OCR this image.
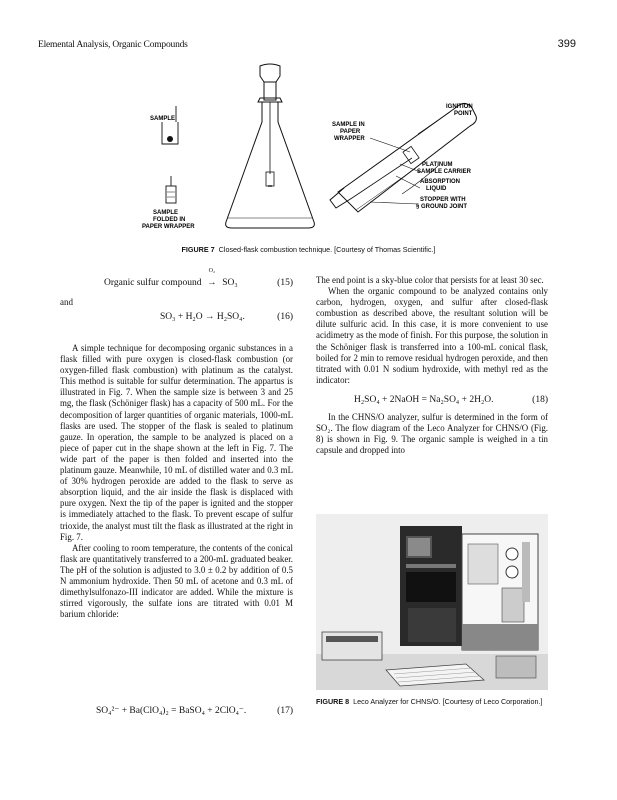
Elemental Analysis, Organic Compounds	399
SAMPLE
SAMPLE
FOLDED IN
PAPER WRAPPER
SAMPLE IN
PAPER
WRAPPER
IGNITION
POINT
PLATINUM
SAMPLE CARRIER
ABSORPTION
LIQUID
STOPPER WITH
§ GROUND JOINT
FIGURE 7 Closed-flask combustion technique. [Courtesy of Thomas Scientific.]
Organic sulfur compound
O₂
→ SO₃	(15)
and
SO₃ + H₂O → H₂SO₄.	(16)

A simple technique for decomposing organic substances in a flask filled with pure oxygen is closed-flask combustion (or oxygen-filled flask combustion) with platinum as the catalyst. This method is suitable for sulfur determination. The appartus is illustrated in Fig. 7. When the sample size is between 3 and 25 mg, the flask (Schöniger flask) has a capacity of 500 mL. For the decomposition of larger quantities of organic materials, 1000-mL flasks are used. The stopper of the flask is sealed to platinum gauze. In operation, the sample to be analyzed is placed on a piece of paper cut in the shape shown at the left in Fig. 7. The wide part of the paper is then folded and inserted into the platinum gauze. Meanwhile, 10 mL of distilled water and 0.3 mL of 30% hydrogen peroxide are added to the flask to serve as absorption liquid, and the air inside the flask is displaced with pure oxygen. Next the tip of the paper is ignited and the stopper is immediately attached to the flask. To prevent escape of sulfur trioxide, the analyst must tilt the flask as illustrated at the right in Fig. 7.

After cooling to room temperature, the contents of the conical flask are quantitatively transferred to a 200-mL graduated beaker. The pH of the solution is adjusted to 3.0 ± 0.2 by addition of 0.5 N ammonium hydroxide. Then 50 mL of acetone and 0.3 mL of dimethylsulfonazo-III indicator are added. While the mixture is stirred vigorously, the sulfate ions are titrated with 0.01 M barium chloride:

SO₄²⁻ + Ba(ClO₄)₂ = BaSO₄ + 2ClO₄⁻.	(17)

The end point is a sky-blue color that persists for at least 30 sec.

When the organic compound to be analyzed contains only carbon, hydrogen, oxygen, and sulfur after closed-flask combustion as described above, the resultant solution will be dilute sulfuric acid. In this case, it is more convenient to use acidimetry as the mode of finish. For this purpose, the solution in the Schöniger flask is transferred into a 100-mL conical flask, boiled for 2 min to remove residual hydrogen peroxide, and then titrated with 0.01 N sodium hydroxide, with methyl red as the indicator:

H₂SO₄ + 2NaOH = Na₂SO₄ + 2H₂O.	(18)

In the CHNS/O analyzer, sulfur is determined in the form of SO₂. The flow diagram of the Leco Analyzer for CHNS/O (Fig. 8) is shown in Fig. 9. The organic sample is weighed in a tin capsule and dropped into

FIGURE 8 Leco Analyzer for CHNS/O. [Courtesy of Leco Corporation.]
